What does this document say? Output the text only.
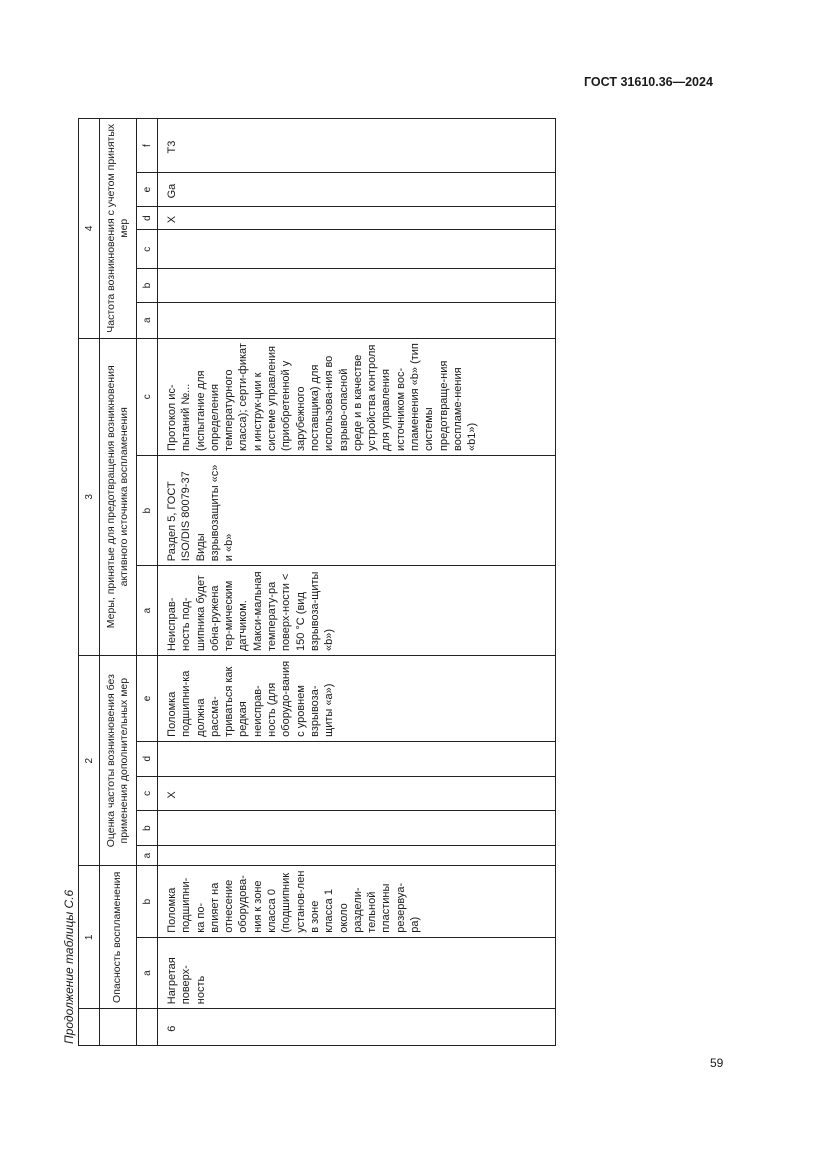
ГОСТ 31610.36—2024
Продолжение таблицы С.6
	1		2					3			4					
	Опасность воспламенения		Оценка частоты возникновения без применения дополнительных мер					Меры, принятые для предотвращения возникновения активного источника воспламенения			Частота возникновения с учетом принятых мер					
	a	b	a	b	c	d	e	a	b	c	a	b	c	d	e	f
6	Нагретая поверх-ность	Поломка подшипни-ка по-влияет на отнесение оборудова-ния к зоне класса 0 (подшипник установ-лен в зоне класса 1 около раздели-тельной пластины резервуа-ра)			X		Поломка подшипни-ка должна рассма-триваться как редкая неисправ-ность (для оборудо-вания с уровнем взрывоза-щиты «a»)	Неисправ-ность под-шипника будет обна-ружена тер-мическим датчиком. Макси-мальная температу-ра поверх-ности < 150 °С (вид взрывоза-щиты «b»)	Раздел 5, ГОСТ ISO/DIS 80079-37 Виды взрывозащиты «c» и «b»	Протокол ис-пытаний №... (испытание для определения температурного класса); серти-фикат и инструк-ции к системе управления (приобретенной у зарубежного поставщика) для использова-ния во взрыво-опасной среде и в качестве устройства контроля для управления источником вос-пламенения «b» (тип системы предотвраще-ния воспламе-нения «b1»)				X	Ga	T3
59
